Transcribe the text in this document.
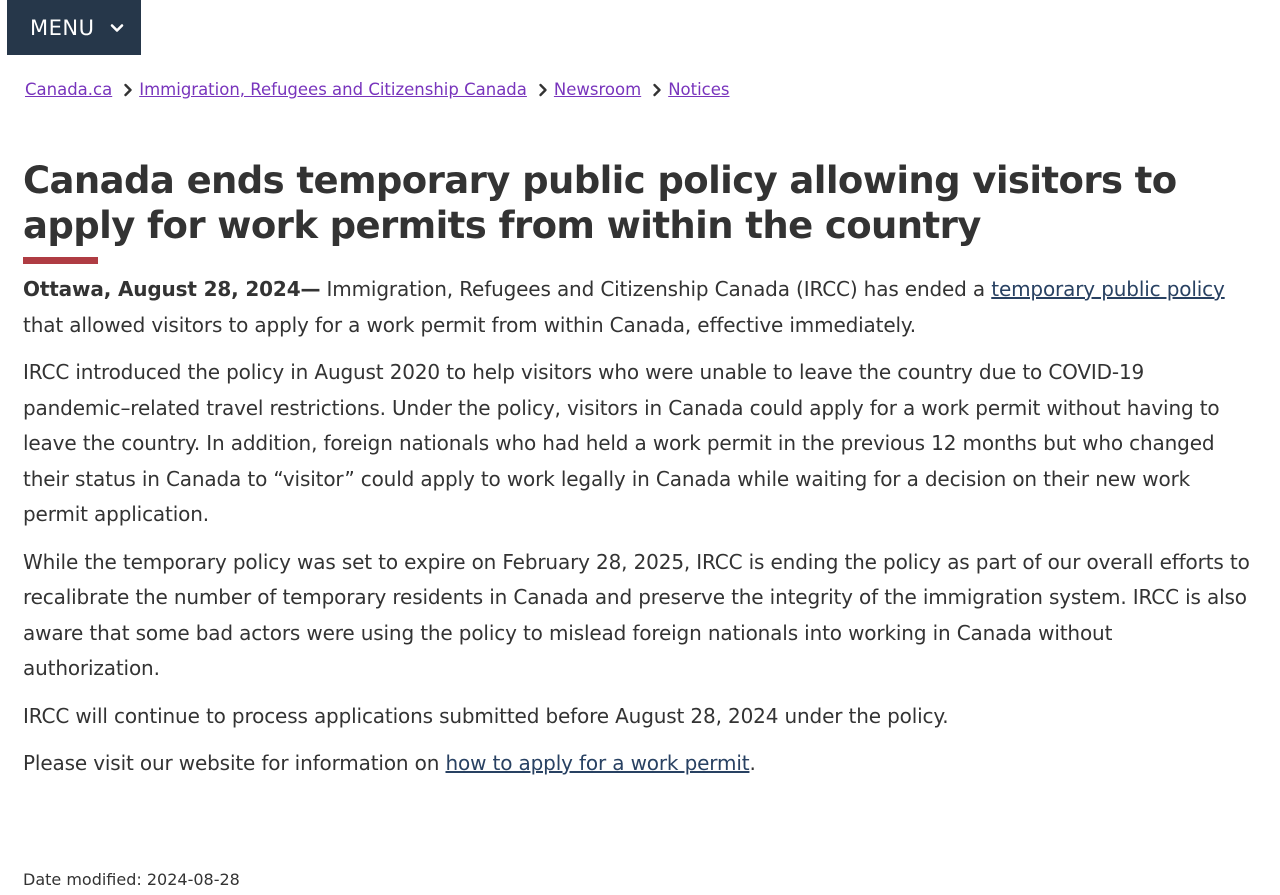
MENU
Canada.ca Immigration, Refugees and Citizenship Canada Newsroom Notices
Canada ends temporary public policy allowing visitors to apply for work permits from within the country

Ottawa, August 28, 2024— Immigration, Refugees and Citizenship Canada (IRCC) has ended a temporary public policy that allowed visitors to apply for a work permit from within Canada, effective immediately.

IRCC introduced the policy in August 2020 to help visitors who were unable to leave the country due to COVID-19 pandemic–related travel restrictions. Under the policy, visitors in Canada could apply for a work permit without having to leave the country. In addition, foreign nationals who had held a work permit in the previous 12 months but who changed their status in Canada to “visitor” could apply to work legally in Canada while waiting for a decision on their new work permit application.

While the temporary policy was set to expire on February 28, 2025, IRCC is ending the policy as part of our overall efforts to recalibrate the number of temporary residents in Canada and preserve the integrity of the immigration system. IRCC is also aware that some bad actors were using the policy to mislead foreign nationals into working in Canada without authorization.

IRCC will continue to process applications submitted before August 28, 2024 under the policy.

Please visit our website for information on how to apply for a work permit.

Date modified: 2024-08-28
